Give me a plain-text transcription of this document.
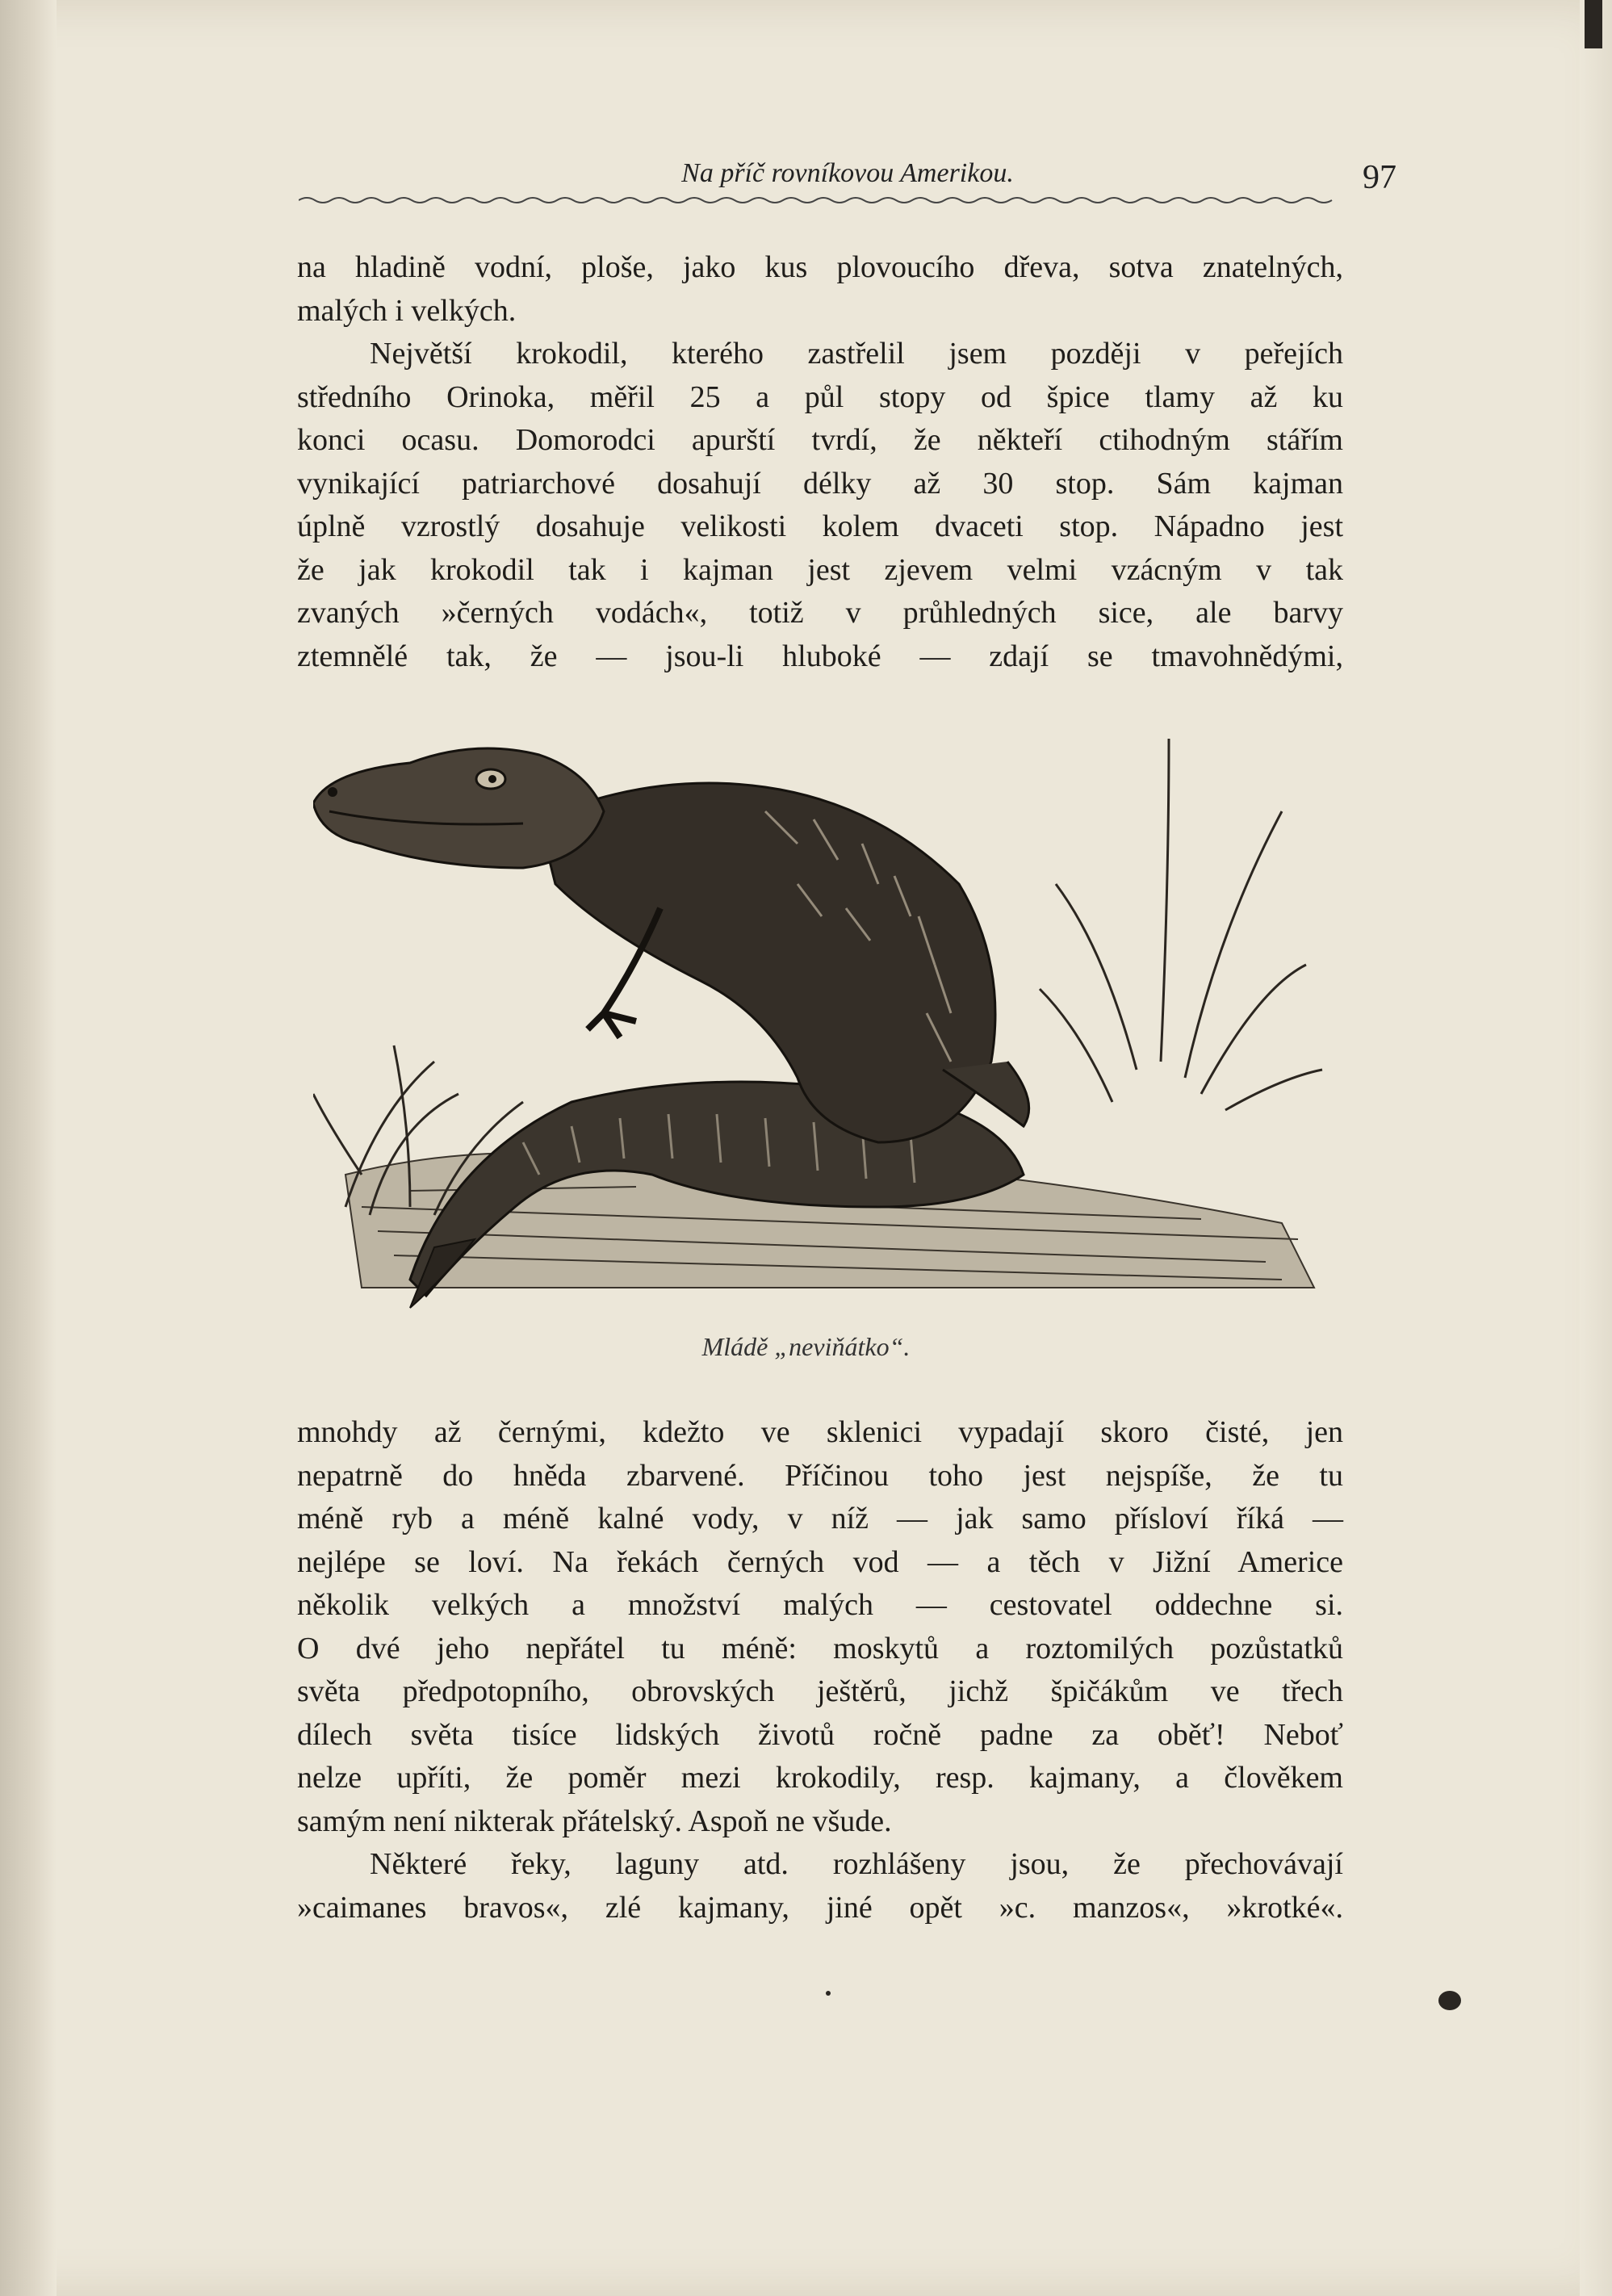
Na příč rovníkovou Amerikou.	97

na hladině vodní, ploše, jako kus plovoucího dřeva, sotva znatelných,

malých i velkých.

Největší krokodil, kterého zastřelil jsem později v peřejích

středního Orinoka, měřil 25 a půl stopy od špice tlamy až ku

konci ocasu. Domorodci apurští tvrdí, že někteří ctihodným stářím

vynikající patriarchové dosahují délky až 30 stop. Sám kajman

úplně vzrostlý dosahuje velikosti kolem dvaceti stop. Nápadno jest

že jak krokodil tak i kajman jest zjevem velmi vzácným v tak

zvaných »černých vodách«, totiž v průhledných sice, ale barvy

ztemnělé tak, že — jsou-li hluboké — zdají se tmavohnědými,

Mládě „neviňátko“.

mnohdy až černými, kdežto ve sklenici vypadají skoro čisté, jen

nepatrně do hněda zbarvené. Příčinou toho jest nejspíše, že tu

méně ryb a méně kalné vody, v níž — jak samo přísloví říká —

nejlépe se loví. Na řekách černých vod — a těch v Jižní Americe

několik velkých a množství malých — cestovatel oddechne si.

O dvé jeho nepřátel tu méně: moskytů a roztomilých pozůstatků

světa předpotopního, obrovských ještěrů, jichž špičákům ve třech

dílech světa tisíce lidských životů ročně padne za oběť! Neboť

nelze upříti, že poměr mezi krokodily, resp. kajmany, a člověkem

samým není nikterak přátelský. Aspoň ne všude.

Některé řeky, laguny atd. rozhlášeny jsou, že přechovávají

»caimanes bravos«, zlé kajmany, jiné opět »c. manzos«, »krotké«.
